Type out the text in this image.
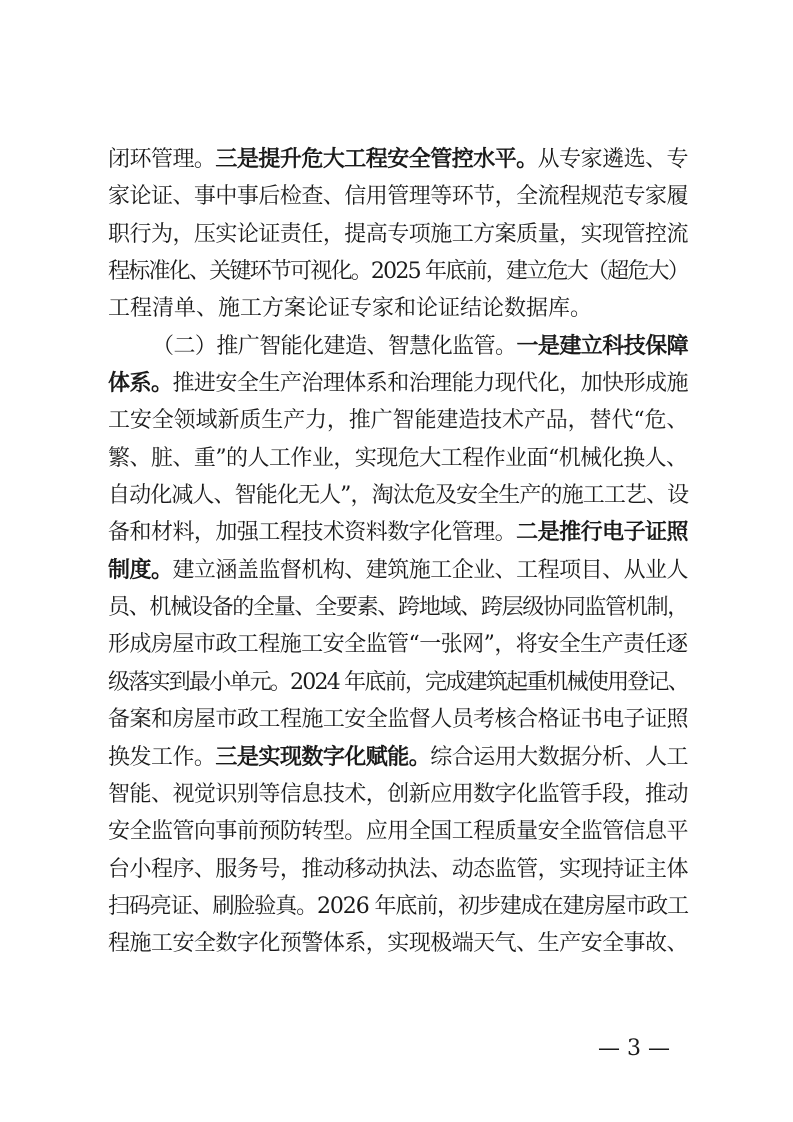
闭环管理。三是提升危大工程安全管控水平。从专家遴选、专
家论证、事中事后检查、信用管理等环节，全流程规范专家履
职行为，压实论证责任，提高专项施工方案质量，实现管控流
程标准化、关键环节可视化。2025 年底前，建立危大（超危大）
工程清单、施工方案论证专家和论证结论数据库。
（二）推广智能化建造、智慧化监管。一是建立科技保障
体系。推进安全生产治理体系和治理能力现代化，加快形成施
工安全领域新质生产力，推广智能建造技术产品，替代“危、
繁、脏、重”的人工作业，实现危大工程作业面“机械化换人、
自动化减人、智能化无人”，淘汰危及安全生产的施工工艺、设
备和材料，加强工程技术资料数字化管理。二是推行电子证照
制度。建立涵盖监督机构、建筑施工企业、工程项目、从业人
员、机械设备的全量、全要素、跨地域、跨层级协同监管机制，
形成房屋市政工程施工安全监管“一张网”，将安全生产责任逐
级落实到最小单元。2024 年底前，完成建筑起重机械使用登记、
备案和房屋市政工程施工安全监督人员考核合格证书电子证照
换发工作。三是实现数字化赋能。综合运用大数据分析、人工
智能、视觉识别等信息技术，创新应用数字化监管手段，推动
安全监管向事前预防转型。应用全国工程质量安全监管信息平
台小程序、服务号，推动移动执法、动态监管，实现持证主体
扫码亮证、刷脸验真。2026 年底前，初步建成在建房屋市政工
程施工安全数字化预警体系，实现极端天气、生产安全事故、
— 3 —
